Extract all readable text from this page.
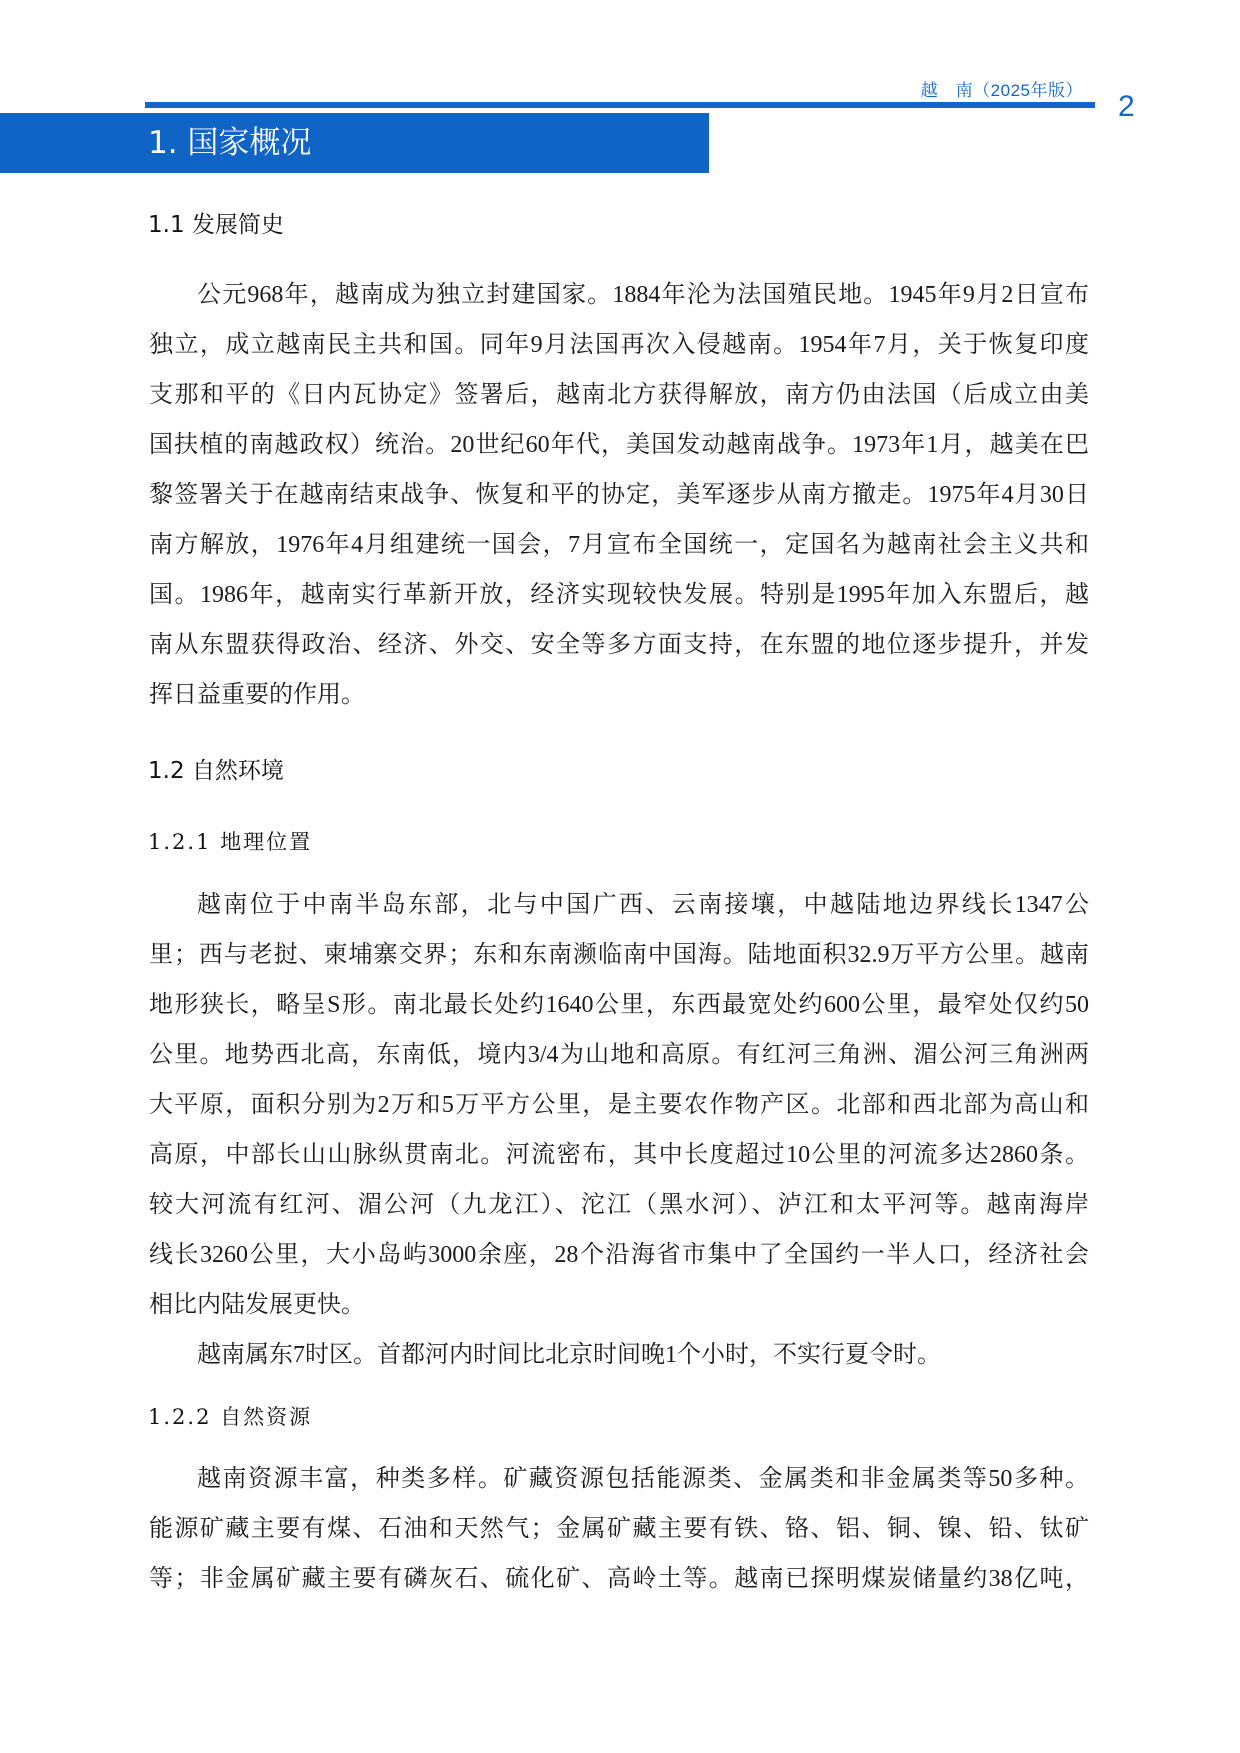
越　南（2025年版） 2
1. 国家概况
1.1 发展简史
公元968年，越南成为独立封建国家。1884年沦为法国殖民地。1945年9月2日宣布
独立，成立越南民主共和国。同年9月法国再次入侵越南。1954年7月，关于恢复印度
支那和平的《日内瓦协定》签署后，越南北方获得解放，南方仍由法国（后成立由美
国扶植的南越政权）统治。20世纪60年代，美国发动越南战争。1973年1月，越美在巴
黎签署关于在越南结束战争、恢复和平的协定，美军逐步从南方撤走。1975年4月30日
南方解放，1976年4月组建统一国会，7月宣布全国统一，定国名为越南社会主义共和
国。1986年，越南实行革新开放，经济实现较快发展。特别是1995年加入东盟后，越
南从东盟获得政治、经济、外交、安全等多方面支持，在东盟的地位逐步提升，并发
挥日益重要的作用。
1.2 自然环境
1.2.1 地理位置
越南位于中南半岛东部，北与中国广西、云南接壤，中越陆地边界线长1347公
里；西与老挝、柬埔寨交界；东和东南濒临南中国海。陆地面积32.9万平方公里。越南
地形狭长，略呈S形。南北最长处约1640公里，东西最宽处约600公里，最窄处仅约50
公里。地势西北高，东南低，境内3/4为山地和高原。有红河三角洲、湄公河三角洲两
大平原，面积分别为2万和5万平方公里，是主要农作物产区。北部和西北部为高山和
高原，中部长山山脉纵贯南北。河流密布，其中长度超过10公里的河流多达2860条。
较大河流有红河、湄公河（九龙江）、沱江（黑水河）、泸江和太平河等。越南海岸
线长3260公里，大小岛屿3000余座，28个沿海省市集中了全国约一半人口，经济社会
相比内陆发展更快。
越南属东7时区。首都河内时间比北京时间晚1个小时，不实行夏令时。
1.2.2 自然资源
越南资源丰富，种类多样。矿藏资源包括能源类、金属类和非金属类等50多种。
能源矿藏主要有煤、石油和天然气；金属矿藏主要有铁、铬、铝、铜、镍、铅、钛矿
等；非金属矿藏主要有磷灰石、硫化矿、高岭土等。越南已探明煤炭储量约38亿吨，
